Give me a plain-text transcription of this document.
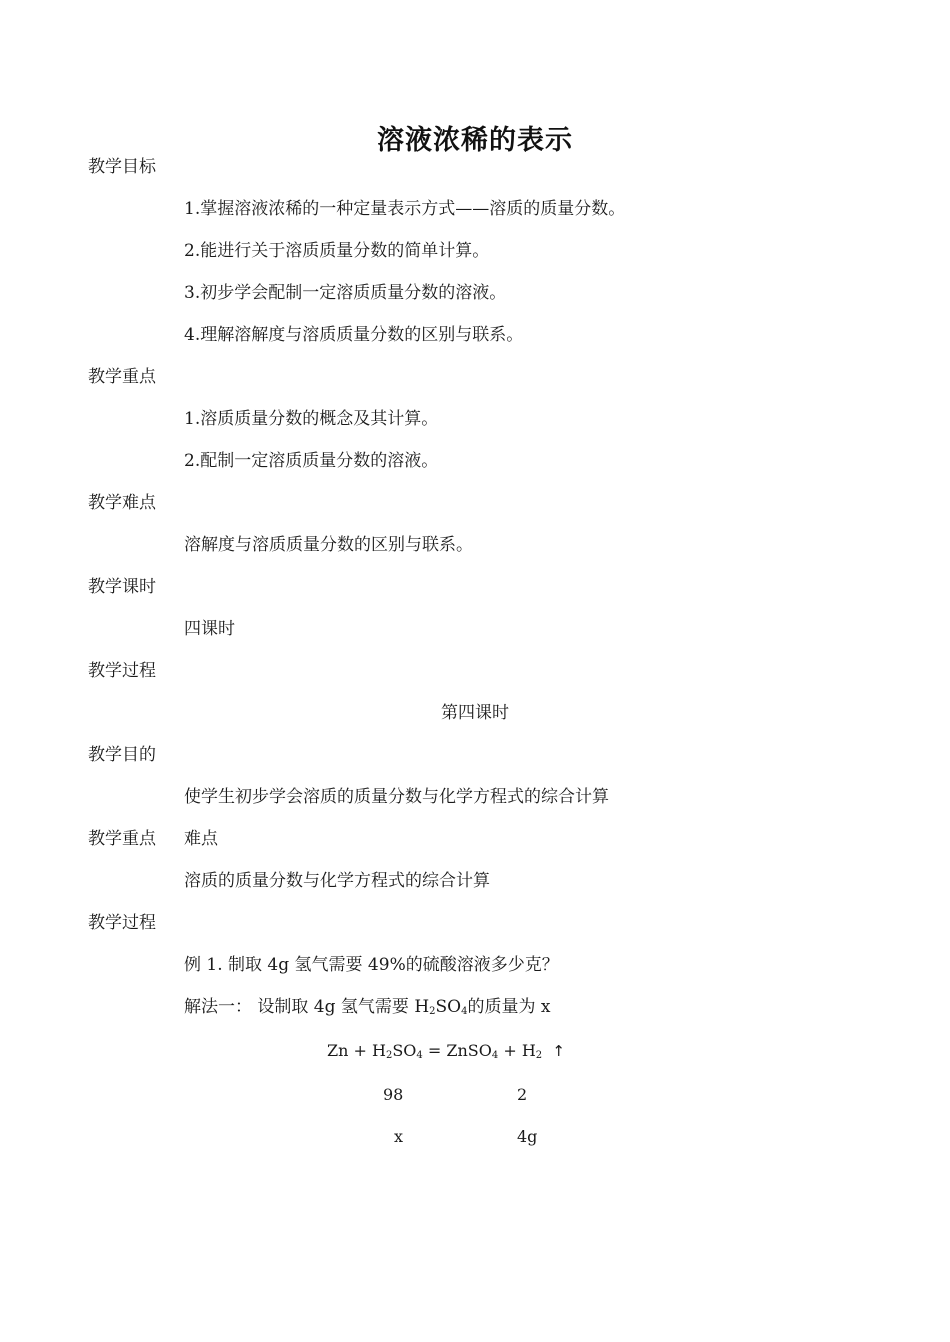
溶液浓稀的表示
教学目标
1.掌握溶液浓稀的一种定量表示方式——溶质的质量分数。
2.能进行关于溶质质量分数的简单计算。
3.初步学会配制一定溶质质量分数的溶液。
4.理解溶解度与溶质质量分数的区别与联系。
教学重点
1.溶质质量分数的概念及其计算。
2.配制一定溶质质量分数的溶液。
教学难点
溶解度与溶质质量分数的区别与联系。
教学课时
四课时
教学过程
第四课时
教学目的
使学生初步学会溶质的质量分数与化学方程式的综合计算
教学重点 难点
溶质的质量分数与化学方程式的综合计算
教学过程
例 1. 制取 4g 氢气需要 49%的硫酸溶液多少克？
解法一： 设制取 4g 氢气需要 $H_2SO_4$的质量为 x
$Zn + H_2SO_4$ = ZnSO$_4$ + $H_2$ ↑
98	2
x	4g
